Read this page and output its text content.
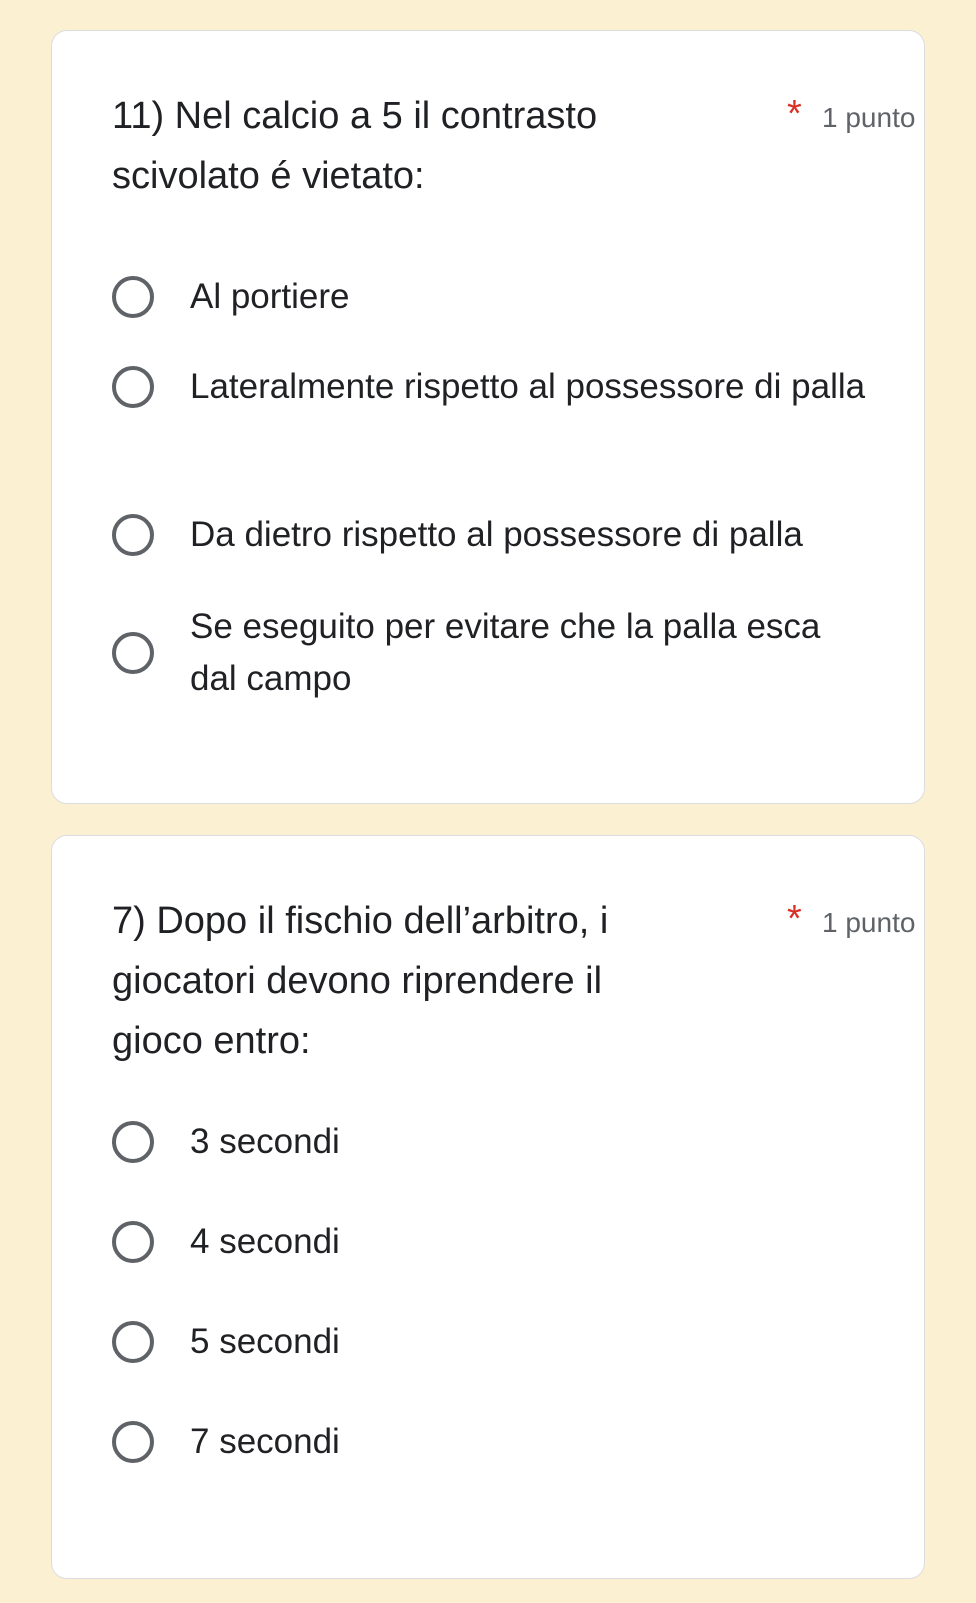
11) Nel calcio a 5 il contrasto scivolato é vietato:
* 1 punto
Al portiere
Lateralmente rispetto al possessore di palla
Da dietro rispetto al possessore di palla
Se eseguito per evitare che la palla esca dal campo
7) Dopo il fischio dell’arbitro, i giocatori devono riprendere il gioco entro:
* 1 punto
3 secondi
4 secondi
5 secondi
7 secondi
